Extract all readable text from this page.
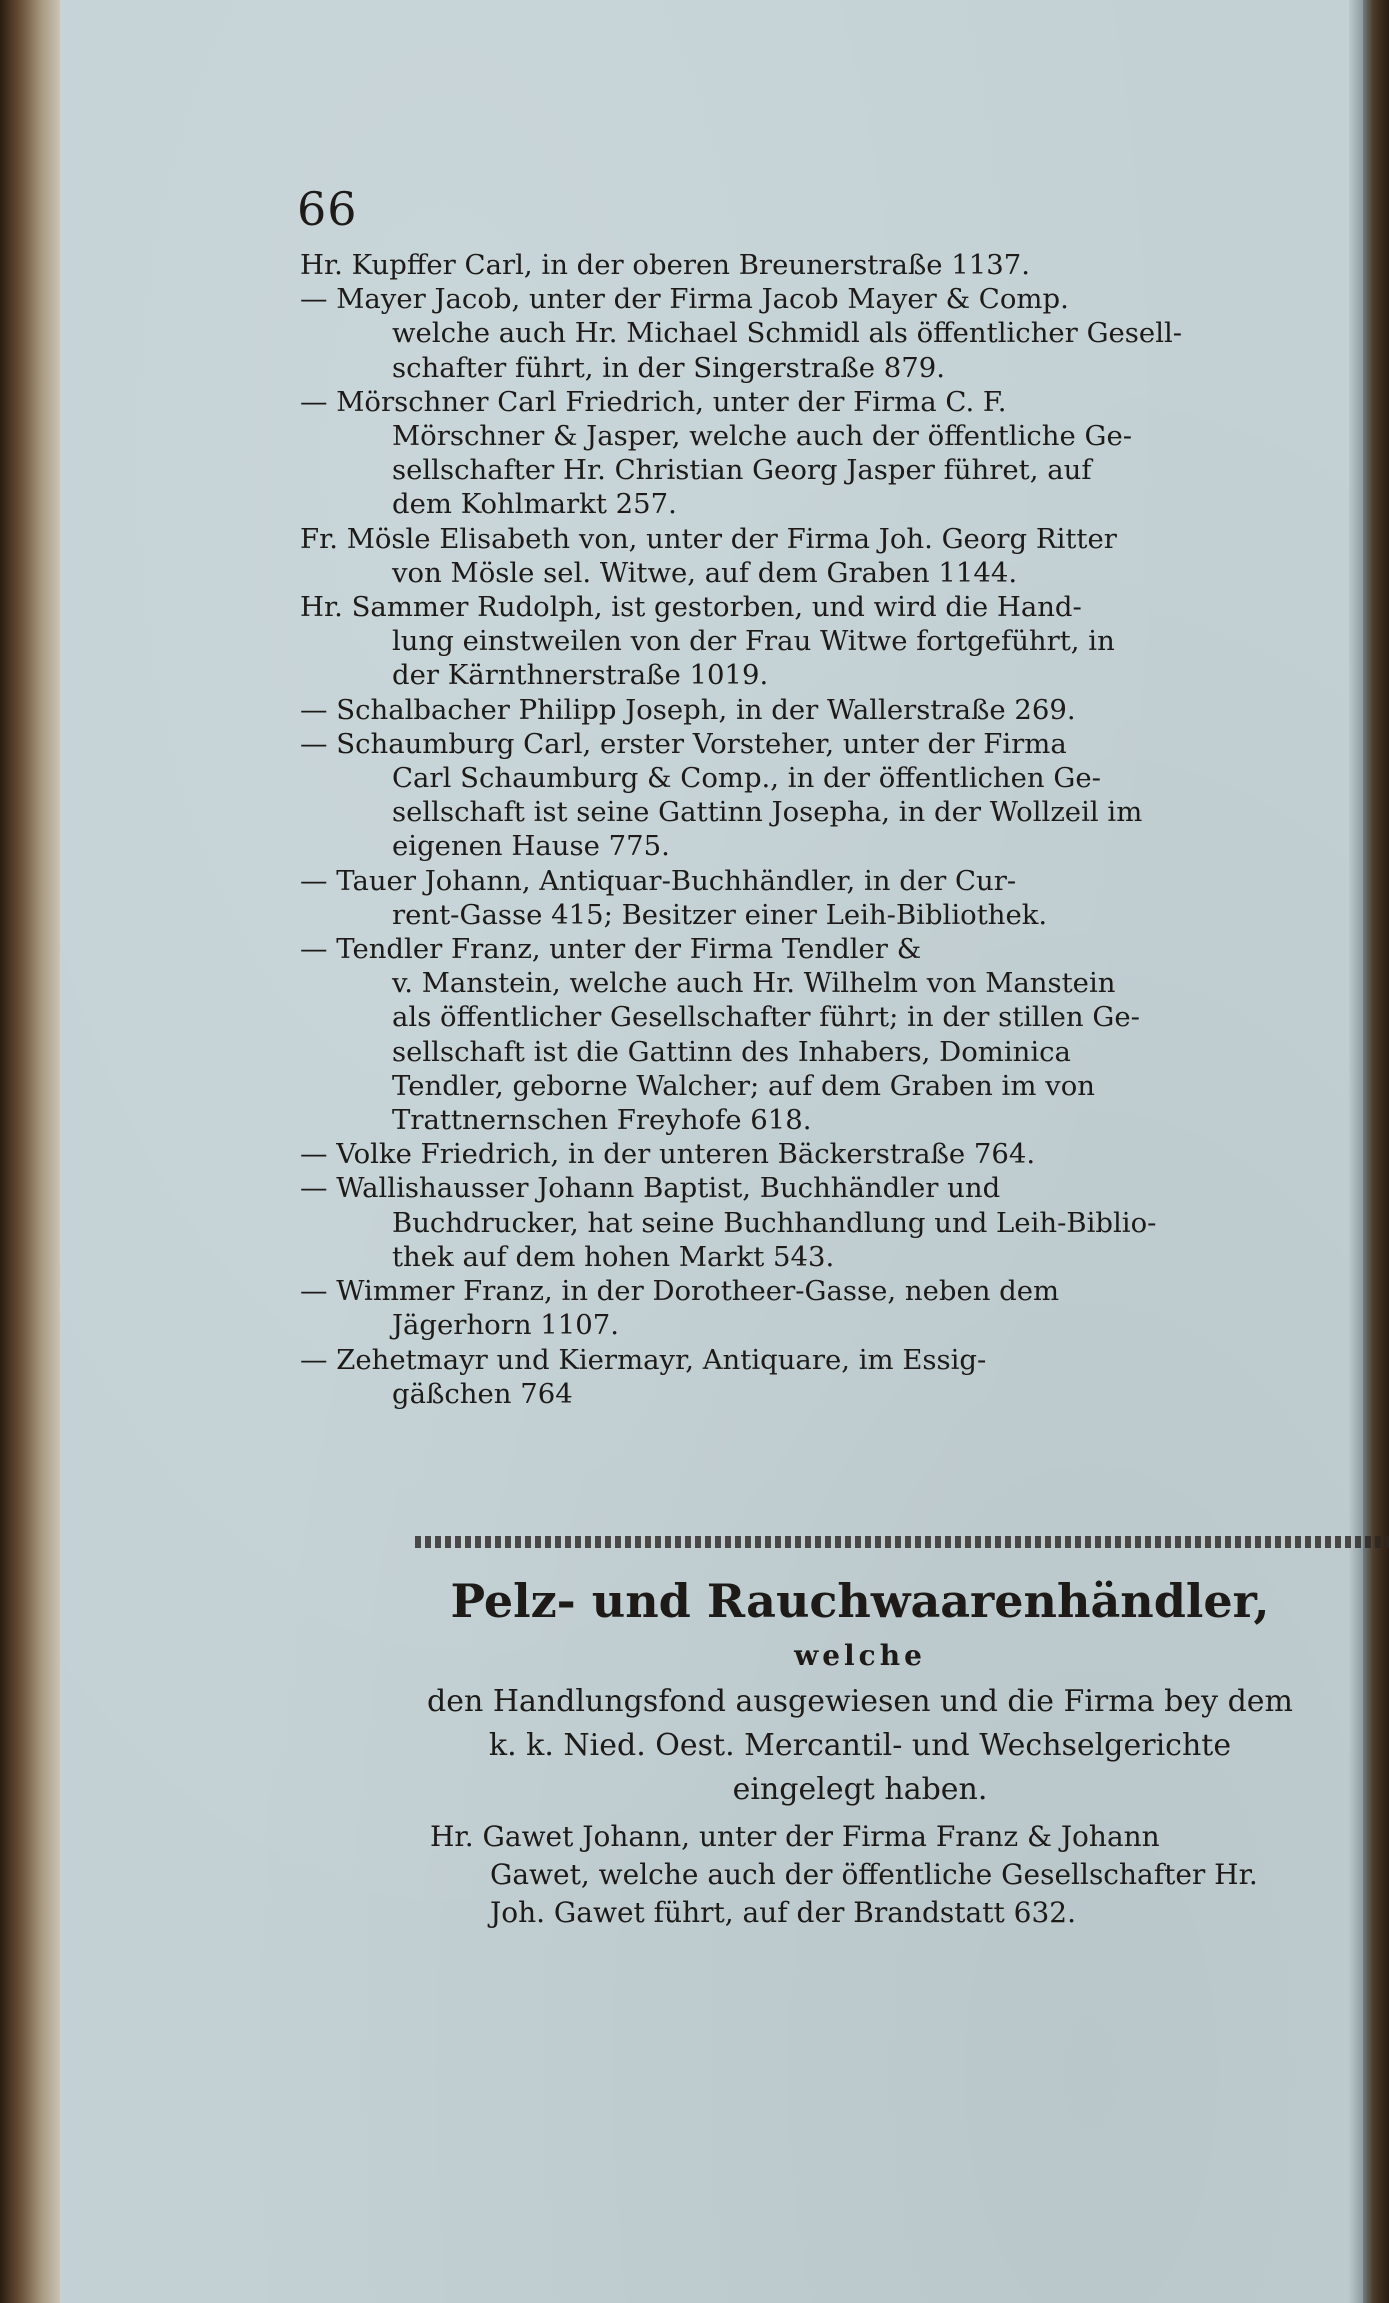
66
Hr. Kupffer Carl, in der oberen Breunerstraße 1137.
— Mayer Jacob, unter der Firma Jacob Mayer & Comp.
welche auch Hr. Michael Schmidl als öffentlicher Gesell-
schafter führt, in der Singerstraße 879.
— Mörschner Carl Friedrich, unter der Firma C. F.
Mörschner & Jasper, welche auch der öffentliche Ge-
sellschafter Hr. Christian Georg Jasper führet, auf
dem Kohlmarkt 257.
Fr. Mösle Elisabeth von, unter der Firma Joh. Georg Ritter
von Mösle sel. Witwe, auf dem Graben 1144.
Hr. Sammer Rudolph, ist gestorben, und wird die Hand-
lung einstweilen von der Frau Witwe fortgeführt, in
der Kärnthnerstraße 1019.
— Schalbacher Philipp Joseph, in der Wallerstraße 269.
— Schaumburg Carl, erster Vorsteher, unter der Firma
Carl Schaumburg & Comp., in der öffentlichen Ge-
sellschaft ist seine Gattinn Josepha, in der Wollzeil im
eigenen Hause 775.
— Tauer Johann, Antiquar-Buchhändler, in der Cur-
rent-Gasse 415; Besitzer einer Leih-Bibliothek.
— Tendler Franz, unter der Firma Tendler &
v. Manstein, welche auch Hr. Wilhelm von Manstein
als öffentlicher Gesellschafter führt; in der stillen Ge-
sellschaft ist die Gattinn des Inhabers, Dominica
Tendler, geborne Walcher; auf dem Graben im von
Trattnernschen Freyhofe 618.
— Volke Friedrich, in der unteren Bäckerstraße 764.
— Wallishausser Johann Baptist, Buchhändler und
Buchdrucker, hat seine Buchhandlung und Leih-Biblio-
thek auf dem hohen Markt 543.
— Wimmer Franz, in der Dorotheer-Gasse, neben dem
Jägerhorn 1107.
— Zehetmayr und Kiermayr, Antiquare, im Essig-
gäßchen 764
Pelz- und Rauchwaarenhändler,
welche
den Handlungsfond ausgewiesen und die Firma bey dem
k. k. Nied. Oest. Mercantil- und Wechselgerichte
eingelegt haben.
Hr. Gawet Johann, unter der Firma Franz & Johann
Gawet, welche auch der öffentliche Gesellschafter Hr.
Joh. Gawet führt, auf der Brandstatt 632.
